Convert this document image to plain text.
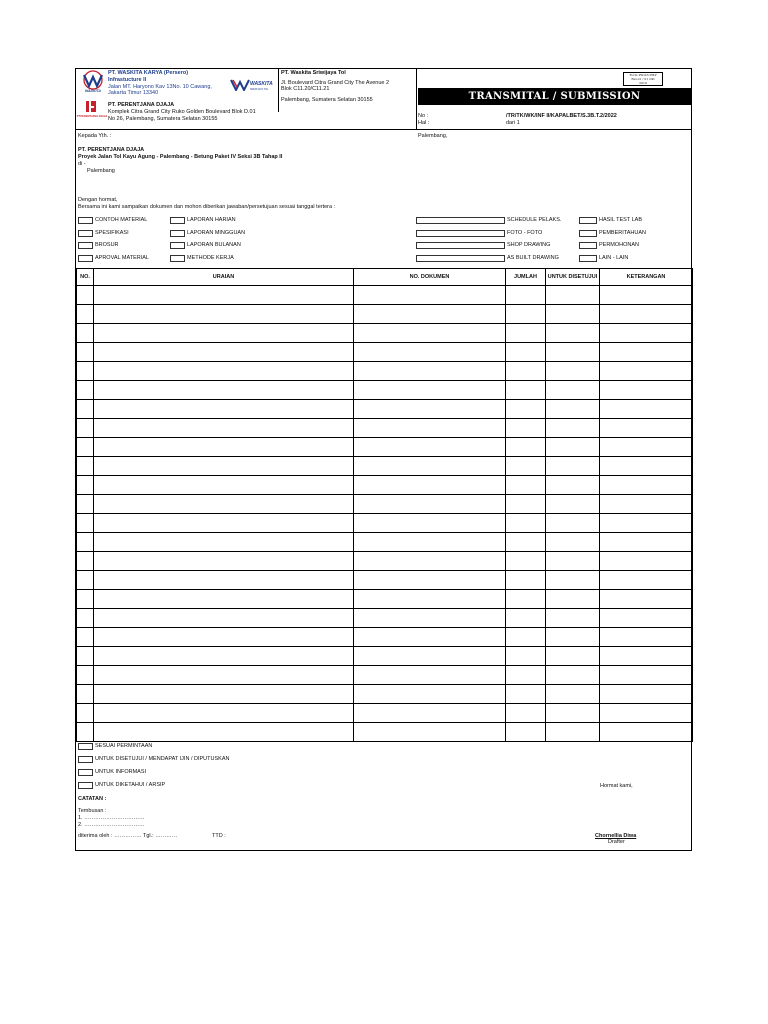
WASKITA
PT. WASKITA KARYA (Persero)
Infrastucture II
Jalan MT. Haryono Kav 13No. 10 Cawang,
Jakarta Timur 13340
WASKITA
SRIWIJAYA TOL
PT.PERENTJANA DJAJA
PT. PERENTJANA DJAJA
Komplek Citra Grand City Ruko Golden Boulevard Blok D.01
No 26, Palembang, Sumatera Selatan 30155
PT. Waskita Sriwijaya Tol
Jl. Boulevard Citra Grand City The Avenue 2
Blok C11.20/C11.21
Palembang, Sumatera Selatan 30155
Form PW-K3-TMP
Rev.01 / 01 Okt
2019
TRANSMITAL / SUBMISSION
No :	/TR/TK/WK/INF II/KAPALBET/S.3B.T.2/2022
Hal :	dari 1
Kepada Yth. :	Palembang,
PT. PERENTJANA DJAJA
Proyek Jalan Tol Kayu Agung - Palembang - Betung Paket IV Seksi 3B Tahap II
di -
Palembang
Dengan hormat,
Bersama ini kami sampaikan dokumen dan mohon diberikan jawaban/persetujuan sesuai tanggal tertera :
CONTOH MATERIAL
SPESIFIKASI
BROSUR
APROVAL MATERIAL
LAPORAN HARIAN
LAPORAN MINGGUAN
LAPORAN BULANAN
METHODE KERJA
SCHEDULE PELAKS.
FOTO - FOTO
SHOP DRAWING
AS BUILT DRAWING
HASIL TEST LAB
PEMBERITAHUAN
PERMOHONAN
LAIN - LAIN
NO.	URAIAN	NO. DOKUMEN	JUMLAH	UNTUK DISETUJUI	KETERANGAN

SESUAI PERMINTAAN
UNTUK DISETUJUI / MENDAPAT IJIN / DIPUTUSKAN
UNTUK INFORMASI
UNTUK DIKETAHUI / ARSIP
CATATAN :
Tembusan :
1. ……………………………
2. ……………………………
diterima oleh : …………… Tgl.: …………	TTD :
Hormat kami,
Chornellia Diwa
Drafter
